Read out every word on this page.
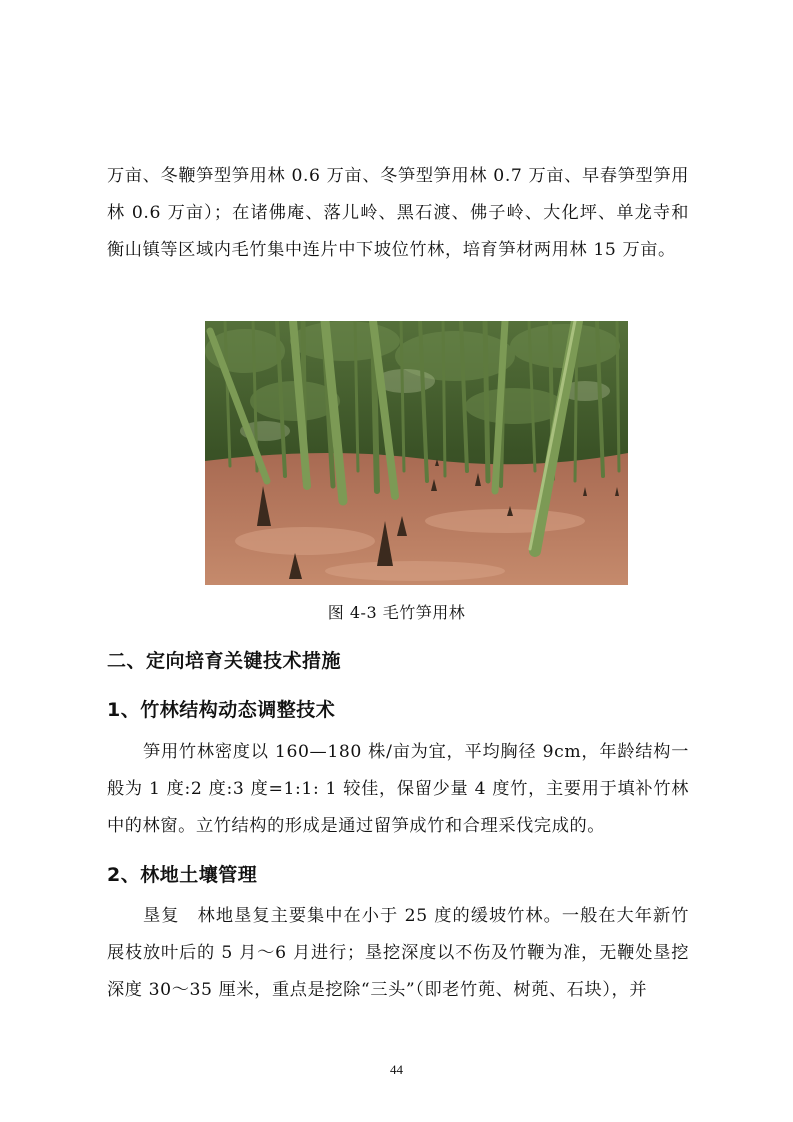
万亩、冬鞭笋型笋用林 0.6 万亩、冬笋型笋用林 0.7 万亩、早春笋型笋用林 0.6 万亩）；在诸佛庵、落儿岭、黑石渡、佛子岭、大化坪、单龙寺和衡山镇等区域内毛竹集中连片中下坡位竹林，培育笋材两用林 15 万亩。

图 4-3 毛竹笋用林
二、定向培育关键技术措施
1、竹林结构动态调整技术

笋用竹林密度以 160—180 株/亩为宜，平均胸径 9cm，年龄结构一般为 1 度:2 度:3 度=1:1: 1 较佳，保留少量 4 度竹，主要用于填补竹林中的林窗。立竹结构的形成是通过留笋成竹和合理采伐完成的。

2、林地土壤管理

垦复　林地垦复主要集中在小于 25 度的缓坡竹林。一般在大年新竹展枝放叶后的 5 月～6 月进行；垦挖深度以不伤及竹鞭为准，无鞭处垦挖深度 30～35 厘米，重点是挖除“三头”（即老竹蔸、树蔸、石块），并

44
